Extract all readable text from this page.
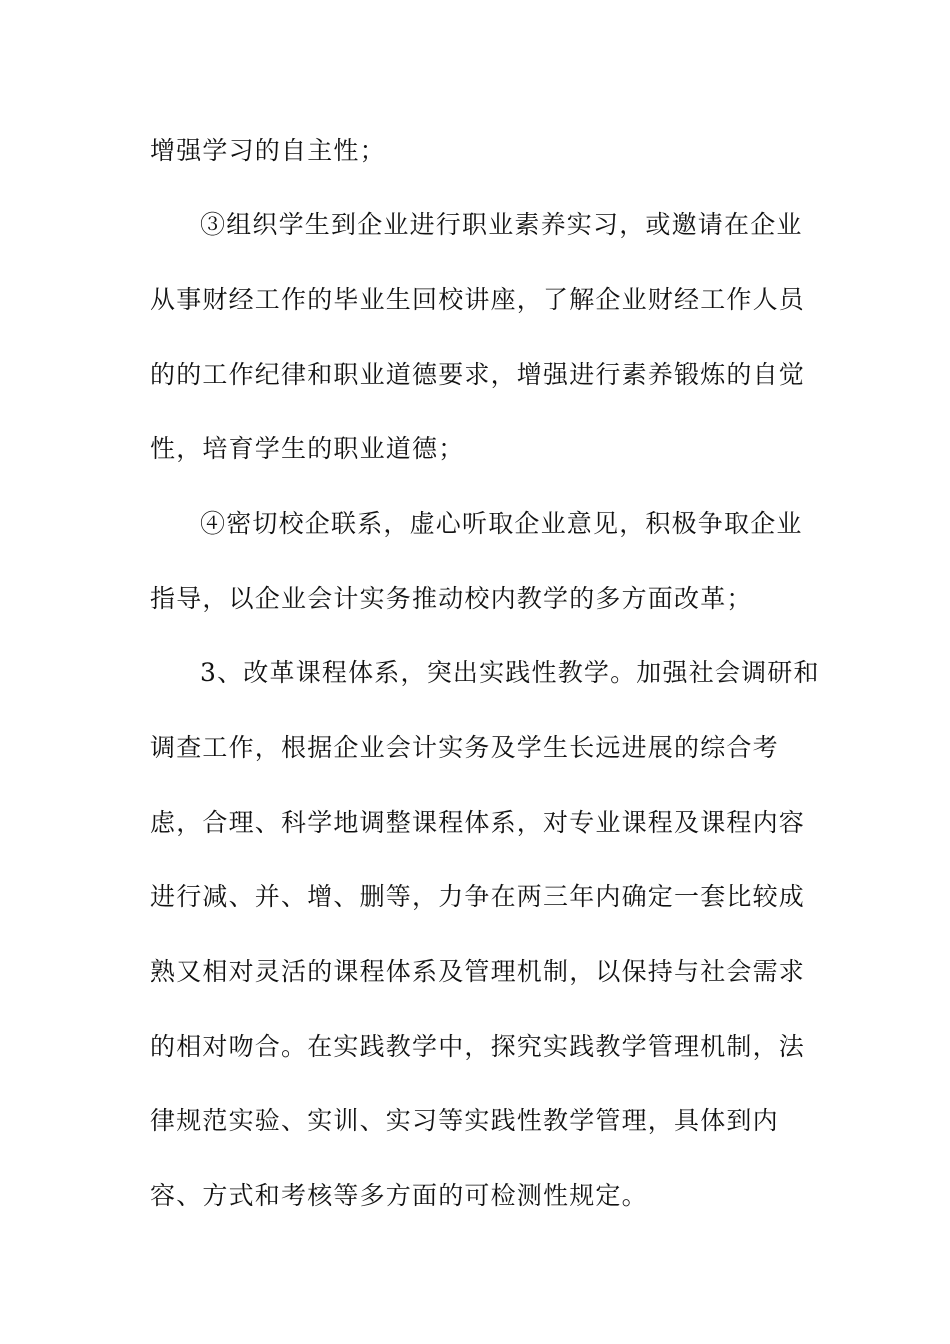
增强学习的自主性；
③组织学生到企业进行职业素养实习，或邀请在企业
从事财经工作的毕业生回校讲座，了解企业财经工作人员
的的工作纪律和职业道德要求，增强进行素养锻炼的自觉
性，培育学生的职业道德；
④密切校企联系，虚心听取企业意见，积极争取企业
指导，以企业会计实务推动校内教学的多方面改革；
3、改革课程体系，突出实践性教学。加强社会调研和
调查工作，根据企业会计实务及学生长远进展的综合考
虑，合理、科学地调整课程体系，对专业课程及课程内容
进行减、并、增、删等，力争在两三年内确定一套比较成
熟又相对灵活的课程体系及管理机制，以保持与社会需求
的相对吻合。在实践教学中，探究实践教学管理机制，法
律规范实验、实训、实习等实践性教学管理，具体到内
容、方式和考核等多方面的可检测性规定。
